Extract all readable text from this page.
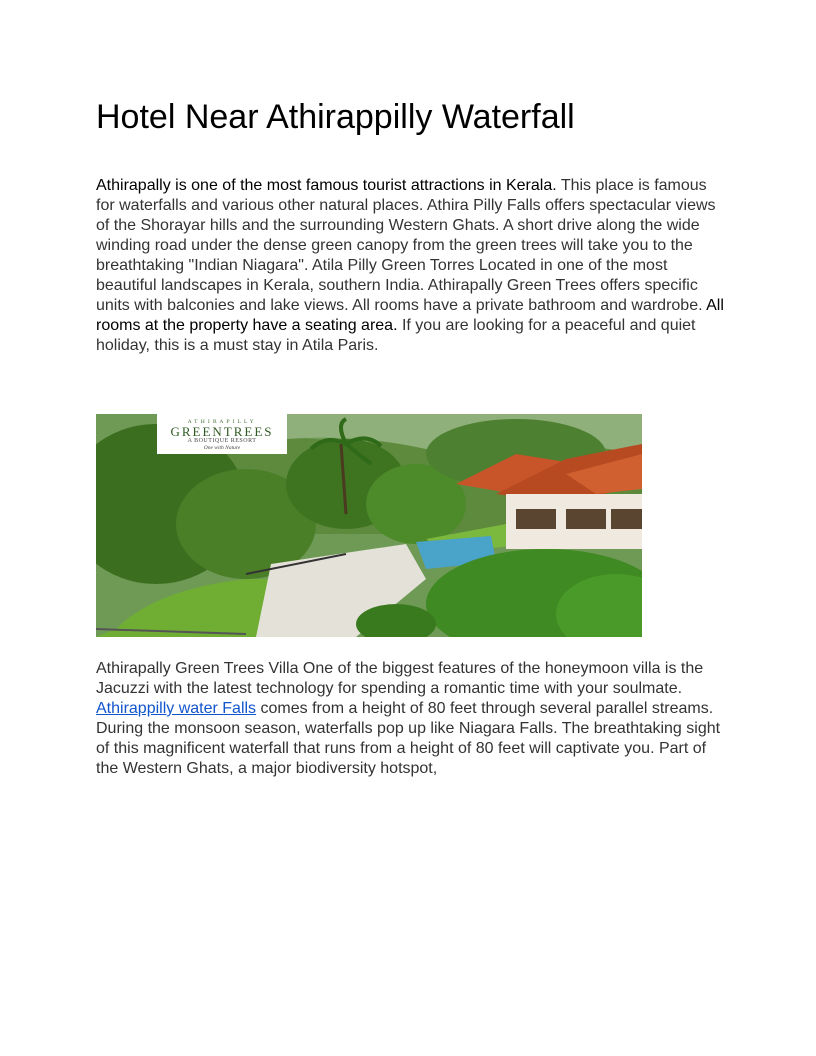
Hotel Near Athirappilly Waterfall

Athirapally is one of the most famous tourist attractions in Kerala. This place is famous for waterfalls and various other natural places. Athira Pilly Falls offers spectacular views of the Shorayar hills and the surrounding Western Ghats. A short drive along the wide winding road under the dense green canopy from the green trees will take you to the breathtaking "Indian Niagara". Atila Pilly Green Torres Located in one of the most beautiful landscapes in Kerala, southern India. Athirapally Green Trees offers specific units with balconies and lake views. All rooms have a private bathroom and wardrobe. All rooms at the property have a seating area. If you are looking for a peaceful and quiet holiday, this is a must stay in Atila Paris.

ATHIRAPILLY
GREENTREES
A BOUTIQUE RESORT
One with Nature

Athirapally Green Trees Villa One of the biggest features of the honeymoon villa is the Jacuzzi with the latest technology for spending a romantic time with your soulmate. Athirappilly water Falls comes from a height of 80 feet through several parallel streams. During the monsoon season, waterfalls pop up like Niagara Falls. The breathtaking sight of this magnificent waterfall that runs from a height of 80 feet will captivate you. Part of the Western Ghats, a major biodiversity hotspot,
